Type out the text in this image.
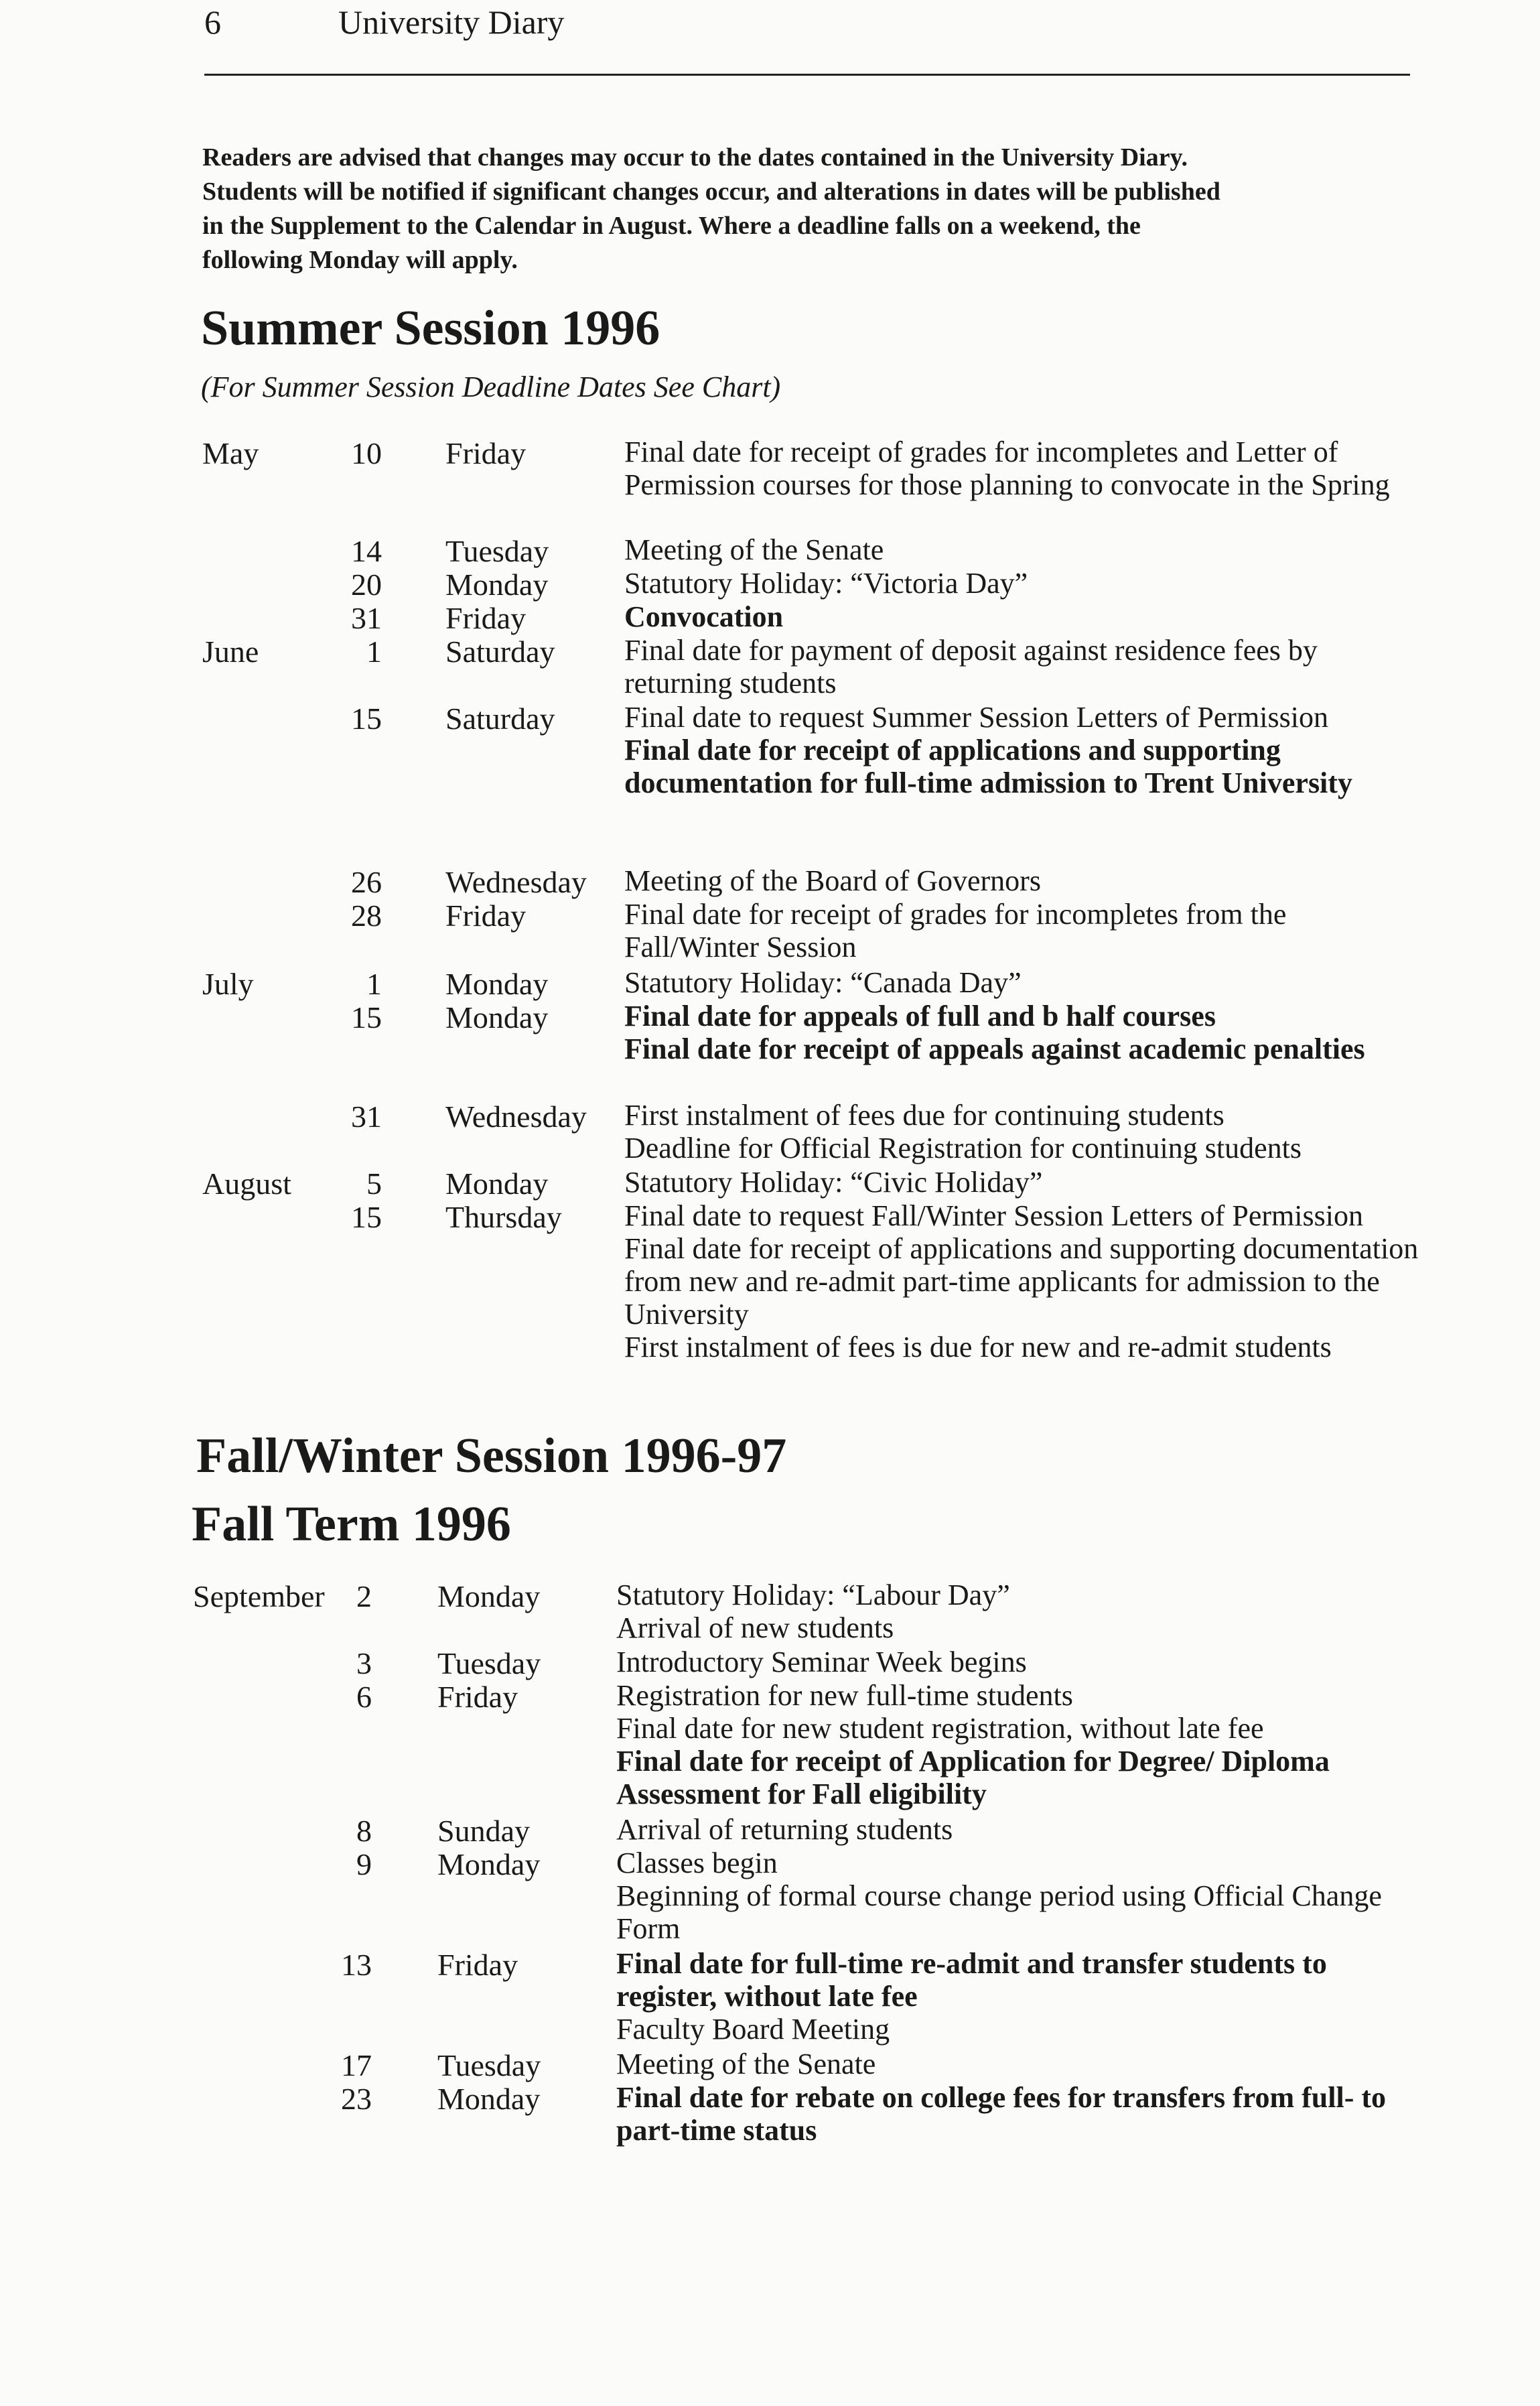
6	University Diary

Readers are advised that changes may occur to the dates contained in the University Diary.

Students will be notified if significant changes occur, and alterations in dates will be published

in the Supplement to the Calendar in August. Where a deadline falls on a weekend, the

following Monday will apply.

Summer Session 1996

(For Summer Session Deadline Dates See Chart)

May	10 Friday	Final date for receipt of grades for incompletes and Letter of Permission courses for those planning to convocate in the Spring

14 Tuesday	Meeting of the Senate

20 Monday	Statutory Holiday: “Victoria Day”

31 Friday	Convocation

June	1 Saturday Final date for payment of deposit against residence fees by returning students

15 Saturday Final date to request Summer Session Letters of Permission

Final date for receipt of applications and supporting documentation for full-time admission to Trent University

26 Wednesday Meeting of the Board of Governors

28 Friday	Final date for receipt of grades for incompletes from the Fall/Winter Session

July	1 Monday	Statutory Holiday: “Canada Day”

15 Monday	Final date for appeals of full and b half courses

Final date for receipt of appeals against academic penalties

31 Wednesday First instalment of fees due for continuing students

Deadline for Official Registration for continuing students

August	5 Monday	Statutory Holiday: “Civic Holiday”

15 Thursday Final date to request Fall/Winter Session Letters of Permission

Final date for receipt of applications and supporting documentation from new and re-admit part-time applicants for admission to the University

First instalment of fees is due for new and re-admit students

Fall/Winter Session 1996-97
Fall Term 1996
September	2 Monday	Statutory Holiday: “Labour Day”

Arrival of new students

3 Tuesday	Introductory Seminar Week begins

6 Friday	Registration for new full-time students

Final date for new student registration, without late fee

Final date for receipt of Application for Degree/ Diploma Assessment for Fall eligibility

8 Sunday	Arrival of returning students

9 Monday	Classes begin

Beginning of formal course change period using Official Change Form

13 Friday	Final date for full-time re-admit and transfer students to register, without late fee

Faculty Board Meeting

17 Tuesday	Meeting of the Senate

23 Monday	Final date for rebate on college fees for transfers from full- to part-time status
